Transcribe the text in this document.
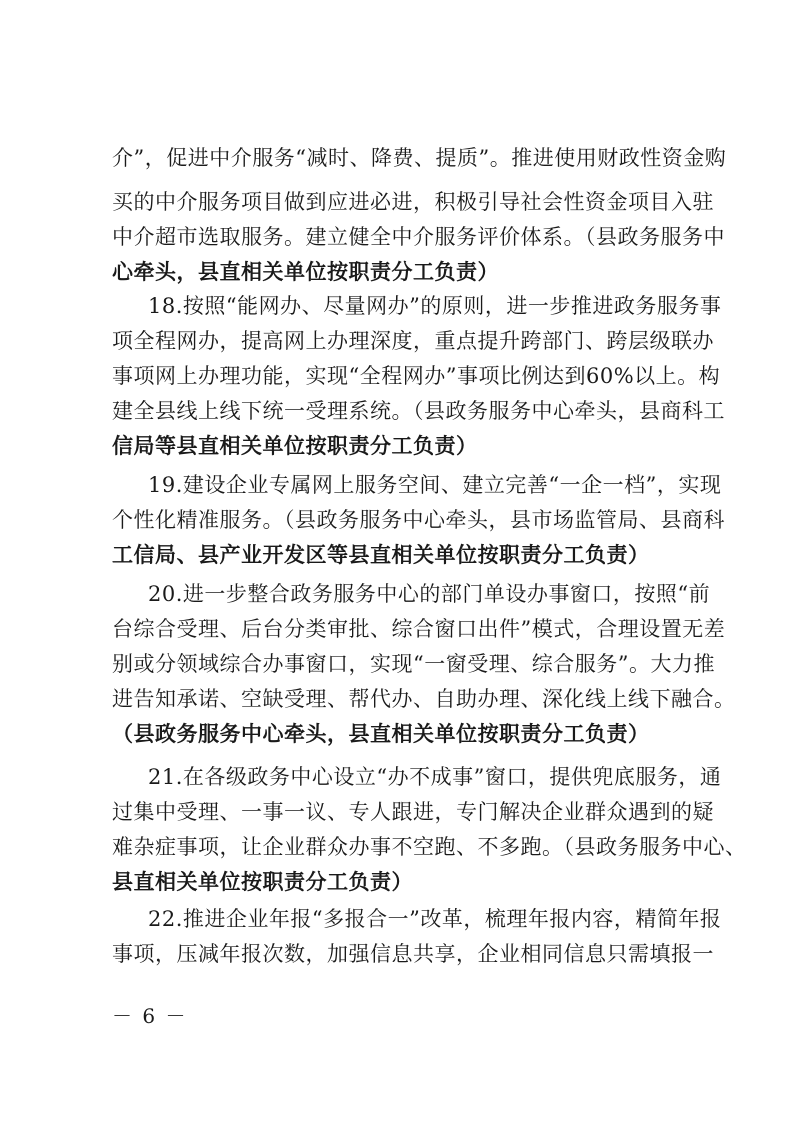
介”，促进中介服务“减时、降费、提质”。推进使用财政性资金购
买的中介服务项目做到应进必进，积极引导社会性资金项目入驻
中介超市选取服务。建立健全中介服务评价体系。（县政务服务中
心牵头，县直相关单位按职责分工负责）
18.按照“能网办、尽量网办”的原则，进一步推进政务服务事
项全程网办，提高网上办理深度，重点提升跨部门、跨层级联办
事项网上办理功能，实现“全程网办”事项比例达到60%以上。构
建全县线上线下统一受理系统。（县政务服务中心牵头，县商科工
信局等县直相关单位按职责分工负责）
19.建设企业专属网上服务空间、建立完善“一企一档”，实现
个性化精准服务。（县政务服务中心牵头，县市场监管局、县商科
工信局、县产业开发区等县直相关单位按职责分工负责）
20.进一步整合政务服务中心的部门单设办事窗口，按照“前
台综合受理、后台分类审批、综合窗口出件”模式，合理设置无差
别或分领域综合办事窗口，实现“一窗受理、综合服务”。大力推
进告知承诺、空缺受理、帮代办、自助办理、深化线上线下融合。
（县政务服务中心牵头，县直相关单位按职责分工负责）
21.在各级政务中心设立“办不成事”窗口，提供兜底服务，通
过集中受理、一事一议、专人跟进，专门解决企业群众遇到的疑
难杂症事项，让企业群众办事不空跑、不多跑。（县政务服务中心、
县直相关单位按职责分工负责）
22.推进企业年报“多报合一”改革，梳理年报内容，精简年报
事项，压减年报次数，加强信息共享，企业相同信息只需填报一
－ 6 －
